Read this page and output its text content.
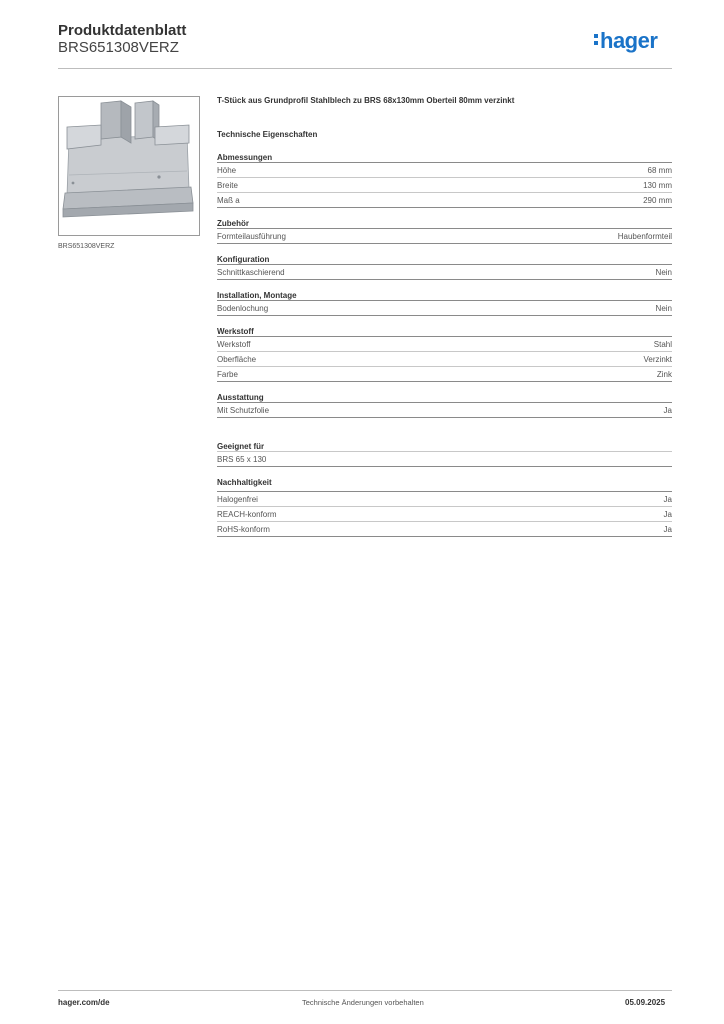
Produktdatenblatt
BRS651308VERZ	hager
BRS651308VERZ
T-Stück aus Grundprofil Stahlblech zu BRS 68x130mm Oberteil 80mm verzinkt
Technische Eigenschaften
Abmessungen
Höhe	68 mm
Breite	130 mm
Maß a	290 mm
Zubehör
Formteilausführung	Haubenformteil
Konfiguration
Schnittkaschierend	Nein
Installation, Montage
Bodenlochung	Nein
Werkstoff
Werkstoff	Stahl
Oberfläche	Verzinkt
Farbe	Zink
Ausstattung
Mit Schutzfolie	Ja
Geeignet für
BRS 65 x 130
Nachhaltigkeit
Halogenfrei	Ja
REACH-konform	Ja
RoHS-konform	Ja
hager.com/de	Technische Änderungen vorbehalten	05.09.2025
